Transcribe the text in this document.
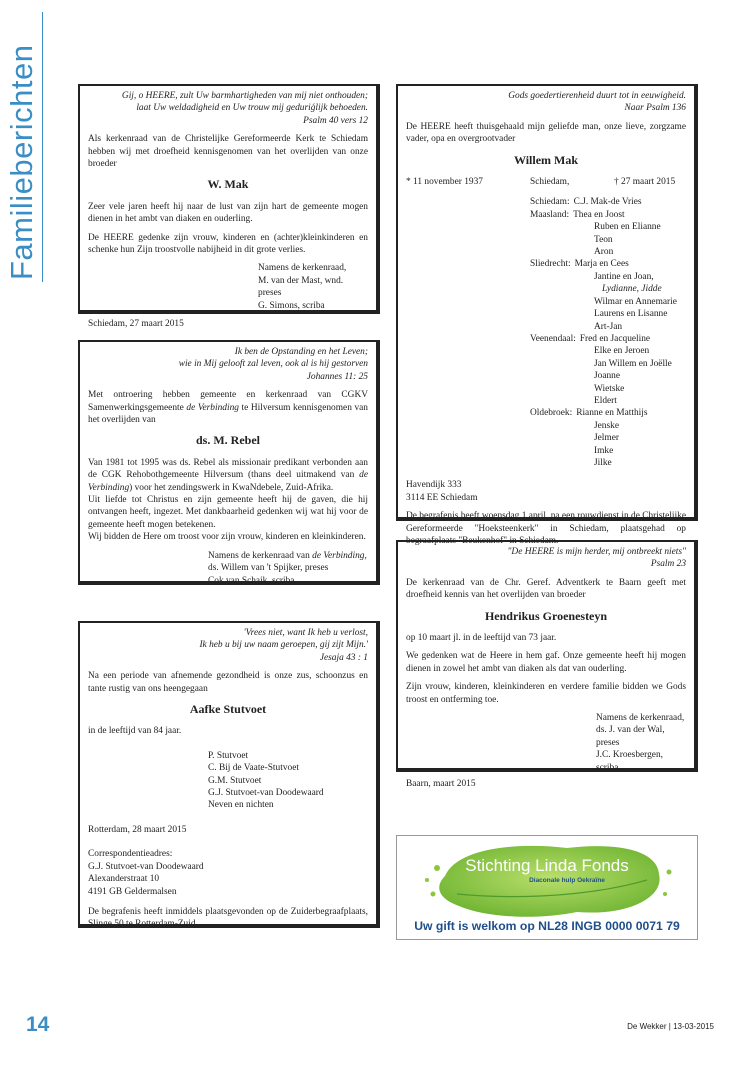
Familieberichten	Gij, o HEERE, zult Uw barmhartigheden van mij niet onthouden;
laat Uw weldadigheid en Uw trouw mij geduriǵlijk behoeden.
Psalm 40 vers 12

Als kerkenraad van de Christelijke Gereformeerde Kerk te Schiedam hebben wij met droefheid kennisgenomen van het overlijden van onze broeder

W. Mak

Zeer vele jaren heeft hij naar de lust van zijn hart de gemeente mogen dienen in het ambt van diaken en ouderling.

De HEERE gedenke zijn vrouw, kinderen en (achter)kleinkinderen en schenke hun Zijn troostvolle nabijheid in dit grote verlies.

Namens de kerkenraad,
M. van der Mast, wnd. preses
G. Simons, scriba
Schiedam, 27 maart 2015
Ik ben de Opstanding en het Leven;
wie in Mij gelooft zal leven, ook al is hij gestorven
Johannes 11: 25

Met ontroering hebben gemeente en kerkenraad van CGKV Samenwerkingsgemeente de Verbinding te Hilversum kennisgenomen van het overlijden van

ds. M. Rebel

Van 1981 tot 1995 was ds. Rebel als missionair predikant verbonden aan de CGK Rehobothgemeente Hilversum (thans deel uitmakend van de Verbinding) voor het zendingswerk in KwaNdebele, Zuid-Afrika.

Uit liefde tot Christus en zijn gemeente heeft hij de gaven, die hij ontvangen heeft, ingezet. Met dankbaarheid gedenken wij wat hij voor de gemeente heeft mogen betekenen.

Wij bidden de Here om troost voor zijn vrouw, kinderen en kleinkinderen.

Namens de kerkenraad van de Verbinding,
ds. Willem van 't Spijker, preses
Cok van Schaik, scriba
'Vrees niet, want Ik heb u verlost,
Ik heb u bij uw naam geroepen, gij zijt Mijn.'
Jesaja 43 : 1

Na een periode van afnemende gezondheid is onze zus, schoonzus en tante rustig van ons heengegaan

Aafke Stutvoet

in de leeftijd van 84 jaar.

P. Stutvoet
C. Bij de Vaate-Stutvoet
G.M. Stutvoet
G.J. Stutvoet-van Doodewaard
Neven en nichten

Rotterdam, 28 maart 2015

Correspondentieadres:
G.J. Stutvoet-van Doodewaard
Alexanderstraat 10
4191 GB Geldermalsen

De begrafenis heeft inmiddels plaatsgevonden op de Zuiderbegraafplaats, Slinge 50 te Rotterdam-Zuid.

Gods goedertierenheid duurt tot in eeuwigheid.
Naar Psalm 136

De HEERE heeft thuisgehaald mijn geliefde man, onze lieve, zorgzame vader, opa en overgrootvader

Willem Mak
* 11 november 1937	Schiedam,	† 27 maart 2015
Schiedam: C.J. Mak-de Vries
Maasland: Thea en Joost
Ruben en Elianne
Teon
Aron
Sliedrecht: Marja en Cees
Jantine en Joan,
Lydianne, Jidde
Wilmar en Annemarie
Laurens en Lisanne
Art-Jan
Veenendaal: Fred en Jacqueline
Elke en Jeroen
Jan Willem en Joëlle
Joanne
Wietske
Eldert
Oldebroek: Rianne en Matthijs
Jenske
Jelmer
Imke
Jilke
Havendijk 333
3114 EE Schiedam

De begrafenis heeft woensdag 1 april, na een rouwdienst in de Christelijke Gereformeerde "Hoeksteenkerk" in Schiedam, plaatsgehad op begraafplaats "Beukenhof" in Schiedam.

"De HEERE is mijn herder, mij ontbreekt niets"
Psalm 23

De kerkenraad van de Chr. Geref. Adventkerk te Baarn geeft met droefheid kennis van het overlijden van broeder

Hendrikus Groenesteyn

op 10 maart jl. in de leeftijd van 73 jaar.

We gedenken wat de Heere in hem gaf. Onze gemeente heeft hij mogen dienen in zowel het ambt van diaken als dat van ouderling.

Zijn vrouw, kinderen, kleinkinderen en verdere familie bidden we Gods troost en ontferming toe.

Namens de kerkenraad,
ds. J. van der Wal, preses
J.C. Kroesbergen, scriba
Baarn, maart 2015
Stichting Linda Fonds
Diaconale hulp Oekraïne
Uw gift is welkom op NL28 INGB 0000 0071 79
14	De Wekker | 13-03-2015
